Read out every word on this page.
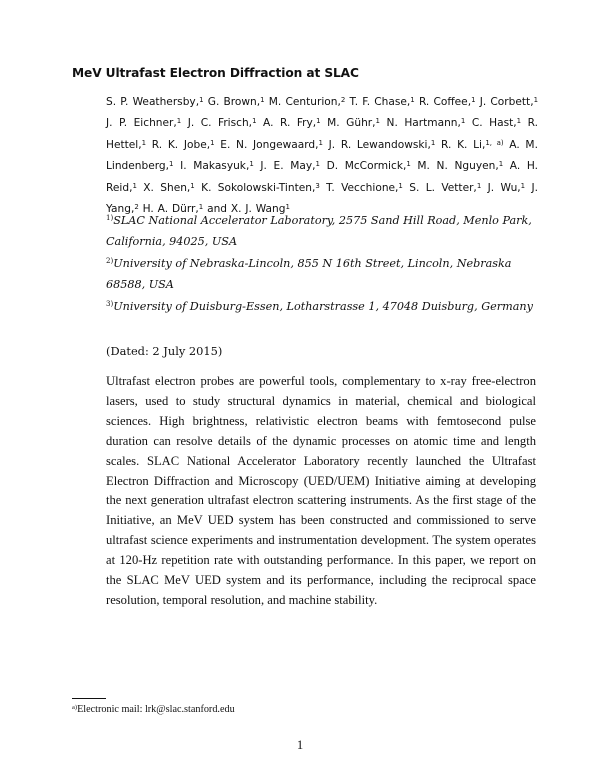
MeV Ultrafast Electron Diffraction at SLAC
S. P. Weathersby,$^1$ G. Brown,$^1$ M. Centurion,$^2$ T. F. Chase,$^1$ R. Coffee,$^1$ J. Corbett,$^1$ J. P. Eichner,$^1$ J. C. Frisch,$^1$ A. R. Fry,$^1$ M. Gühr,$^1$ N. Hartmann,$^1$ C. Hast,$^1$ R. Hettel,$^1$ R. K. Jobe,$^1$ E. N. Jongewaard,$^1$ J. R. Lewandowski,$^1$ R. K. Li,$^{1, a)}$ A. M. Lindenberg,$^1$ I. Makasyuk,$^1$ J. E. May,$^1$ D. McCormick,$^1$ M. N. Nguyen,$^1$ A. H. Reid,$^1$ X. Shen,$^1$ K. Sokolowski-Tinten,$^3$ T. Vecchione,$^1$ S. L. Vetter,$^1$ J. Wu,$^1$ J. Yang,$^2$ H. A. Dürr,$^1$ and X. J. Wang$^1$
$^{1)}$SLAC National Accelerator Laboratory, 2575 Sand Hill Road, Menlo Park, California, 94025, USA
$^{2)}$University of Nebraska-Lincoln, 855 N 16th Street, Lincoln, Nebraska 68588, USA
$^{3)}$University of Duisburg-Essen, Lotharstrasse 1, 47048 Duisburg, Germany
(Dated: 2 July 2015)
Ultrafast electron probes are powerful tools, complementary to x-ray free-electron lasers, used to study structural dynamics in material, chemical and biological sciences. High brightness, relativistic electron beams with femtosecond pulse duration can resolve details of the dynamic processes on atomic time and length scales. SLAC National Accelerator Laboratory recently launched the Ultrafast Electron Diffraction and Microscopy (UED/UEM) Initiative aiming at developing the next generation ultrafast electron scattering instruments. As the first stage of the Initiative, an MeV UED system has been constructed and commissioned to serve ultrafast science experiments and instrumentation development. The system operates at 120-Hz repetition rate with outstanding performance. In this paper, we report on the SLAC MeV UED system and its performance, including the reciprocal space resolution, temporal resolution, and machine stability.
$^{a)}$Electronic mail: lrk@slac.stanford.edu
1
